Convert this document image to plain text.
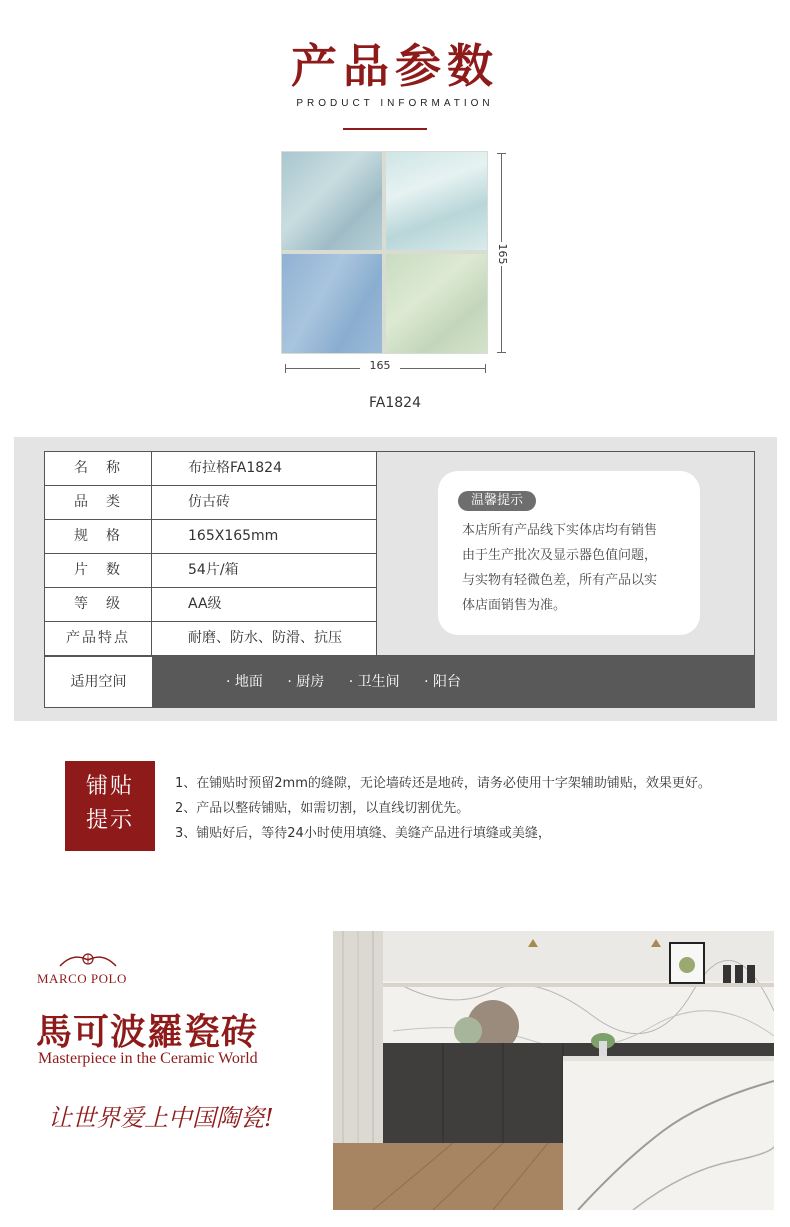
产品参数
PRODUCT INFORMATION
165
165
FA1824
名　称	布拉格FA1824
品　类	仿古砖
规　格	165X165mm
片　数	54片/箱
等　级	AA级
产品特点	耐磨、防水、防滑、抗压
温馨提示
本店所有产品线下实体店均有销售
由于生产批次及显示器色值问题，
与实物有轻微色差，所有产品以实
体店面销售为准。
适用空间	· 地面 · 厨房 · 卫生间 · 阳台
铺贴
提示
1、在铺贴时预留2mm的缝隙，无论墙砖还是地砖，请务必使用十字架辅助铺贴，效果更好。
2、产品以整砖铺贴，如需切割，以直线切割优先。
3、铺贴好后，等待24小时使用填缝、美缝产品进行填缝或美缝，
MARCO POLO
馬可波羅瓷砖
Masterpiece in the Ceramic World
让世界爱上中国陶瓷!
